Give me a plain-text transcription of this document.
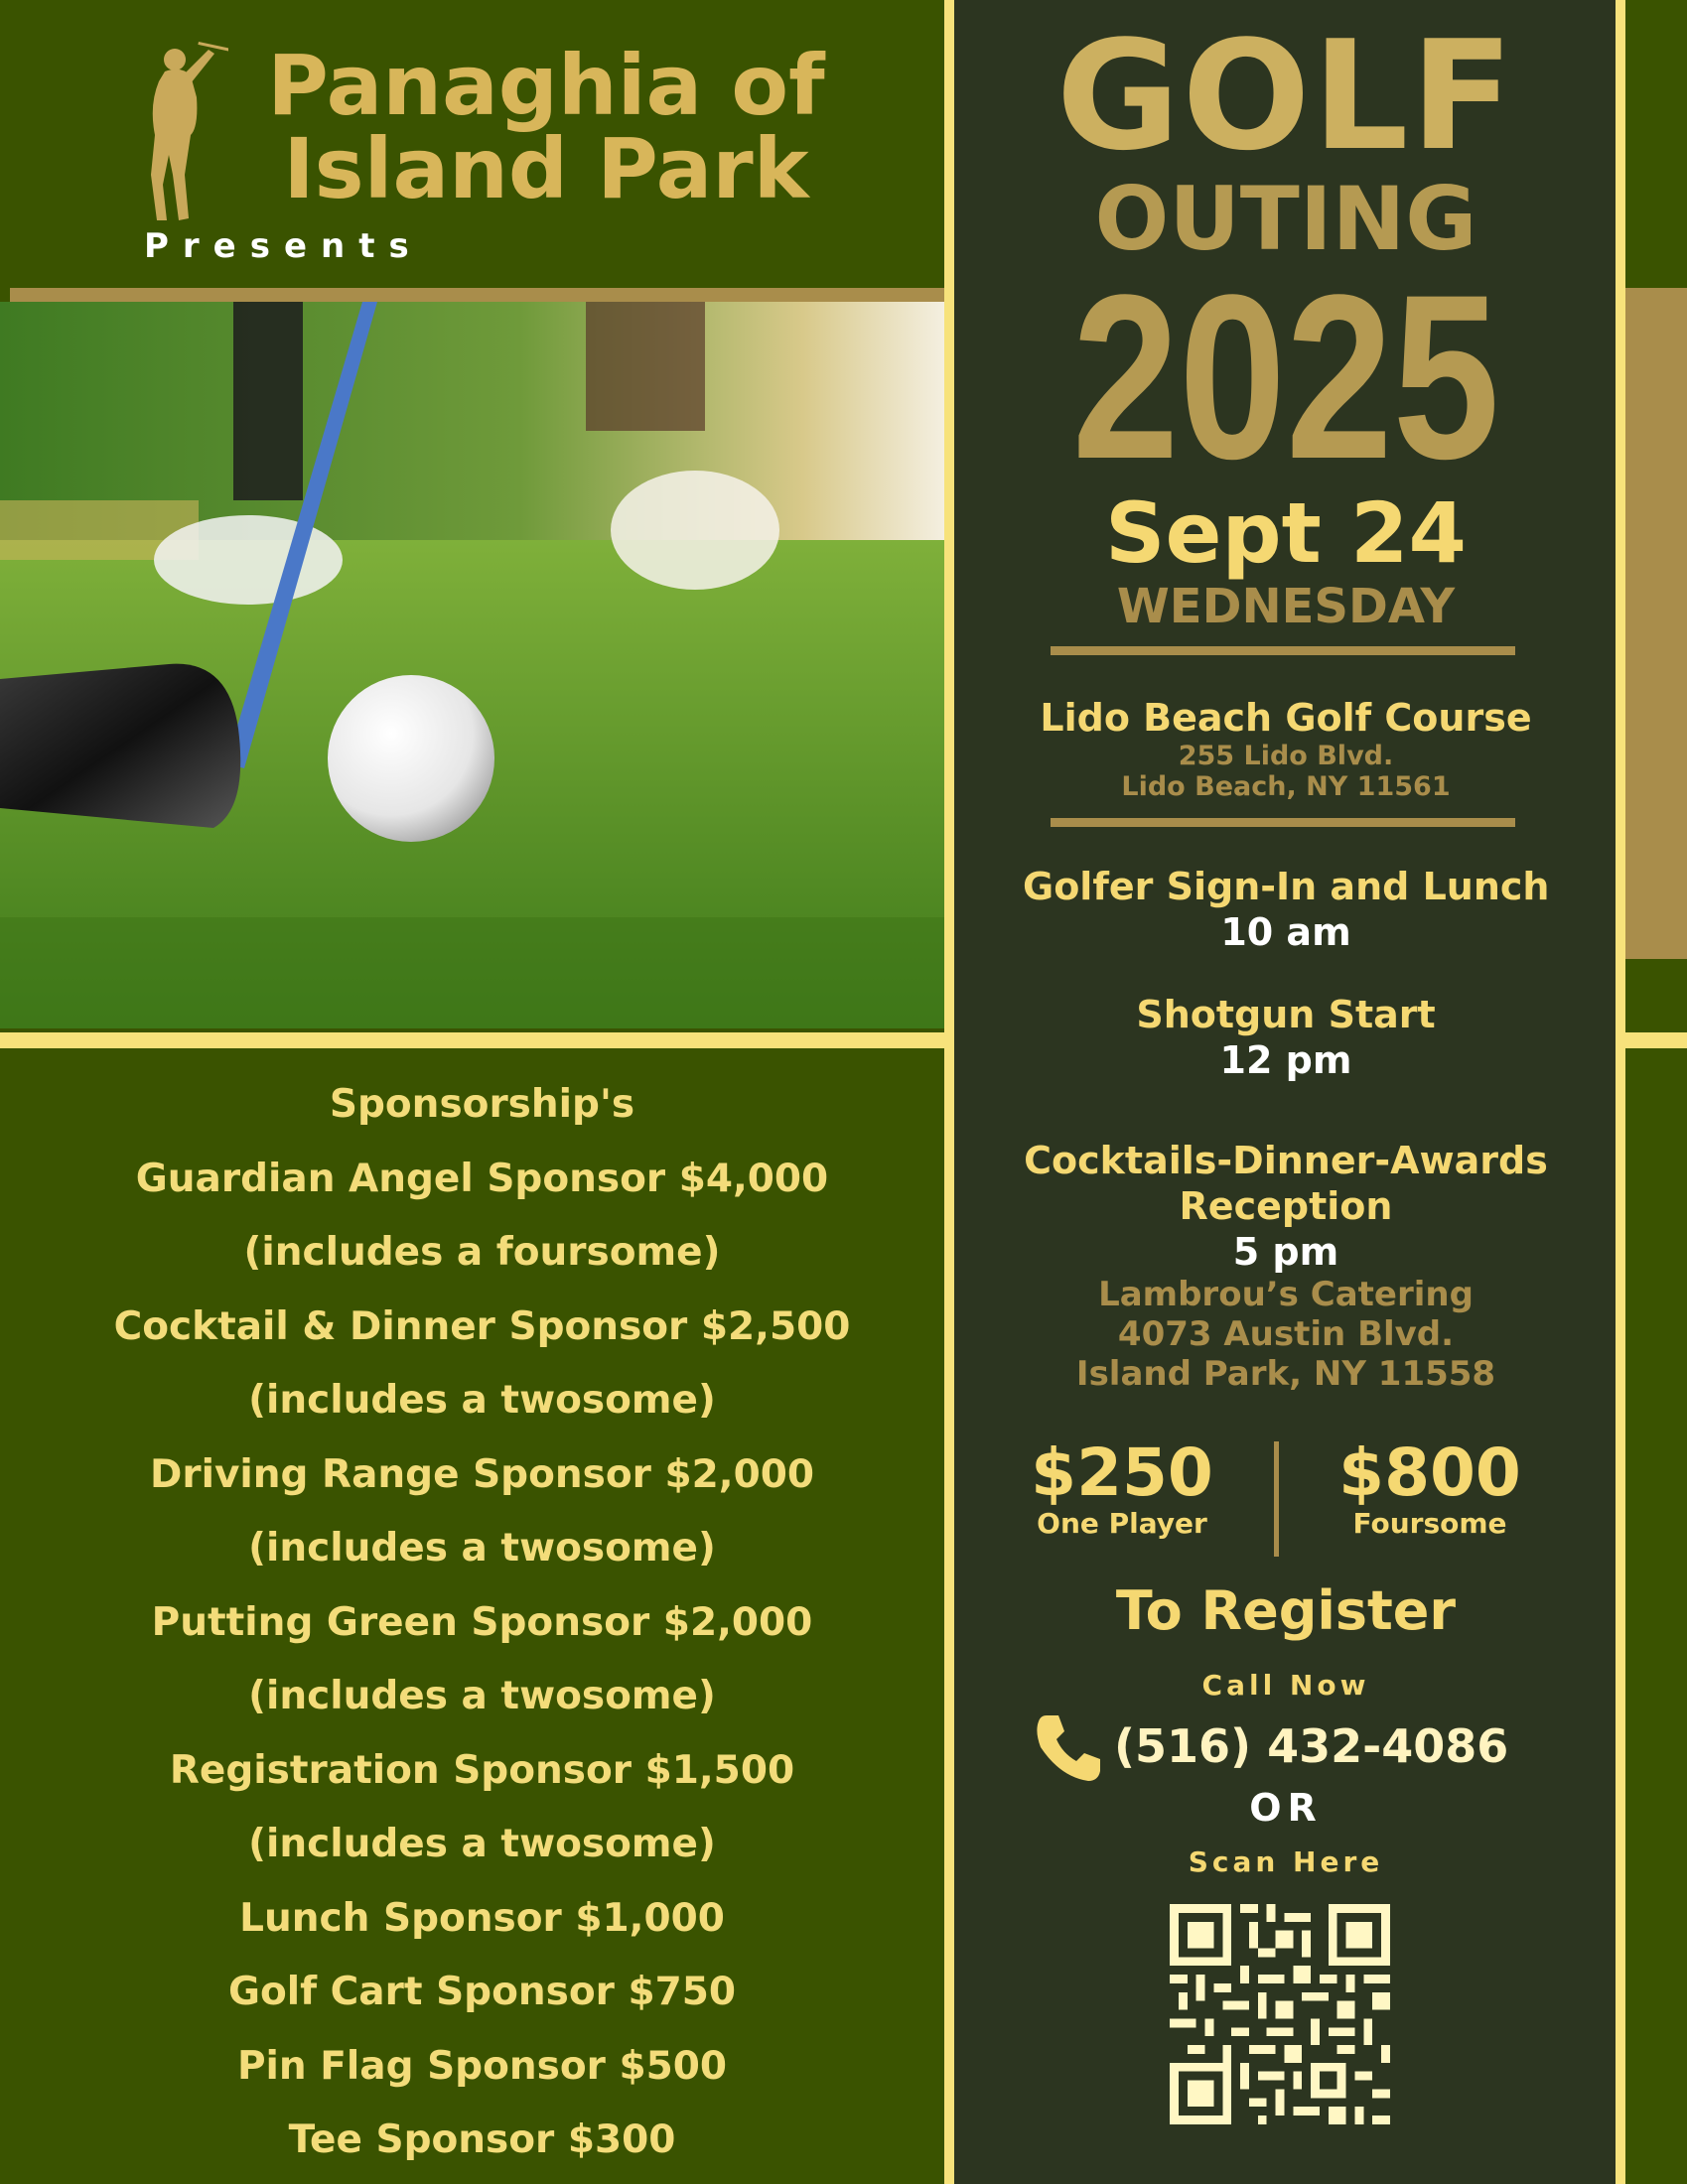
Panaghia of
Island Park
Presents
Sponsorship's
Guardian Angel Sponsor $4,000
(includes a foursome)
Cocktail & Dinner Sponsor $2,500
(includes a twosome)
Driving Range Sponsor $2,000
(includes a twosome)
Putting Green Sponsor $2,000
(includes a twosome)
Registration Sponsor $1,500
(includes a twosome)
Lunch Sponsor $1,000
Golf Cart Sponsor $750
Pin Flag Sponsor $500
Tee Sponsor $300
GOLF
OUTING
2025
Sept 24
WEDNESDAY
Lido Beach Golf Course
255 Lido Blvd.
Lido Beach, NY 11561
Golfer Sign-In and Lunch
10 am
Shotgun Start
12 pm
Cocktails-Dinner-Awards
Reception
5 pm
Lambrou’s Catering
4073 Austin Blvd.
Island Park, NY 11558
$250
One Player
$800
Foursome
To Register
Call Now
(516) 432-4086
OR
Scan Here
